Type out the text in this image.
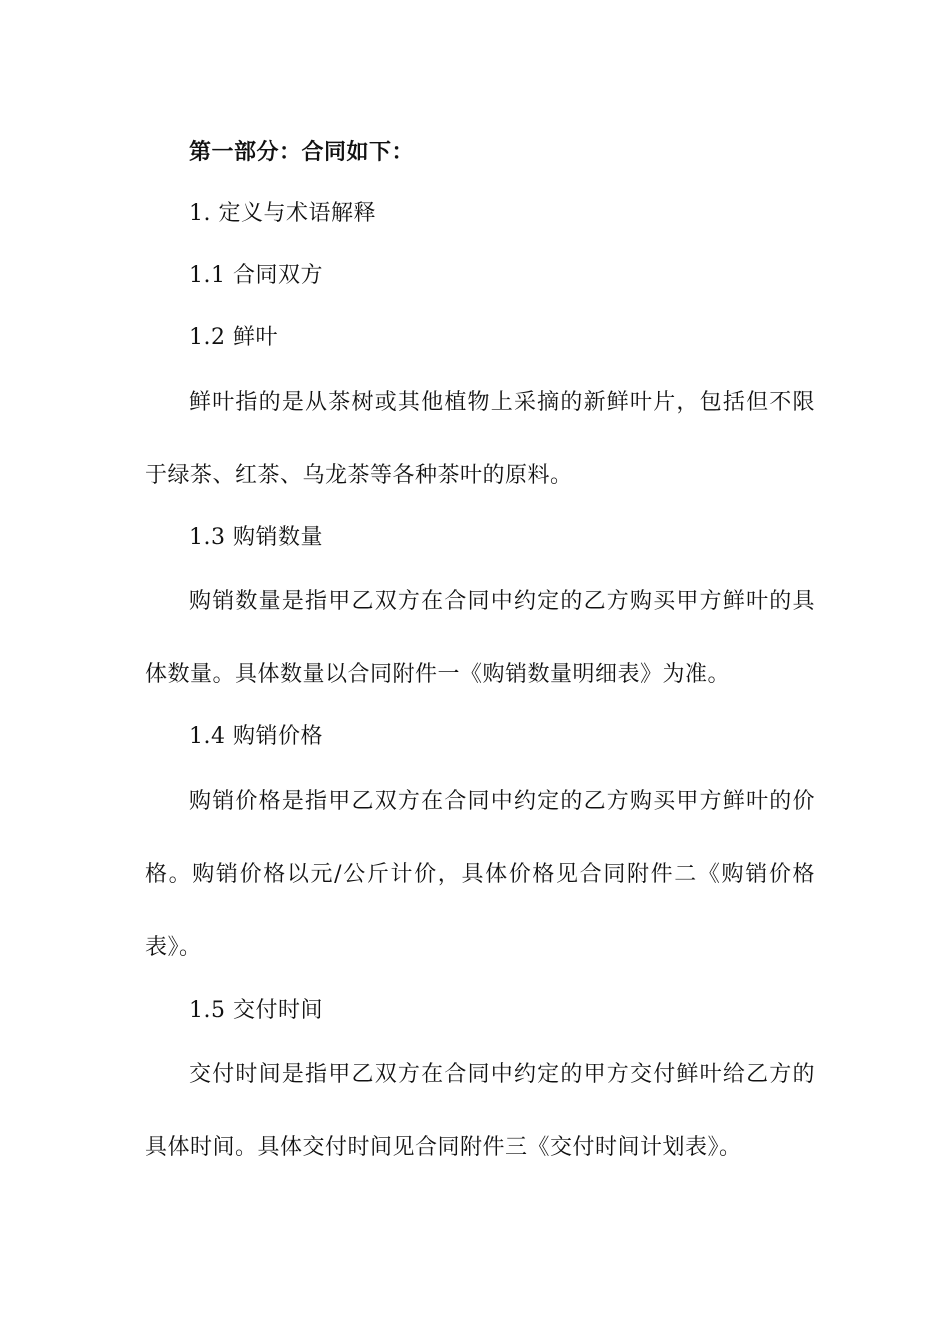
第一部分：合同如下：
1. 定义与术语解释
1.1 合同双方
1.2 鲜叶
鲜叶指的是从茶树或其他植物上采摘的新鲜叶片，包括但不限
于绿茶、红茶、乌龙茶等各种茶叶的原料。
1.3 购销数量
购销数量是指甲乙双方在合同中约定的乙方购买甲方鲜叶的具
体数量。具体数量以合同附件一《购销数量明细表》为准。
1.4 购销价格
购销价格是指甲乙双方在合同中约定的乙方购买甲方鲜叶的价
格。购销价格以元/公斤计价，具体价格见合同附件二《购销价格
表》。
1.5 交付时间
交付时间是指甲乙双方在合同中约定的甲方交付鲜叶给乙方的
具体时间。具体交付时间见合同附件三《交付时间计划表》。
